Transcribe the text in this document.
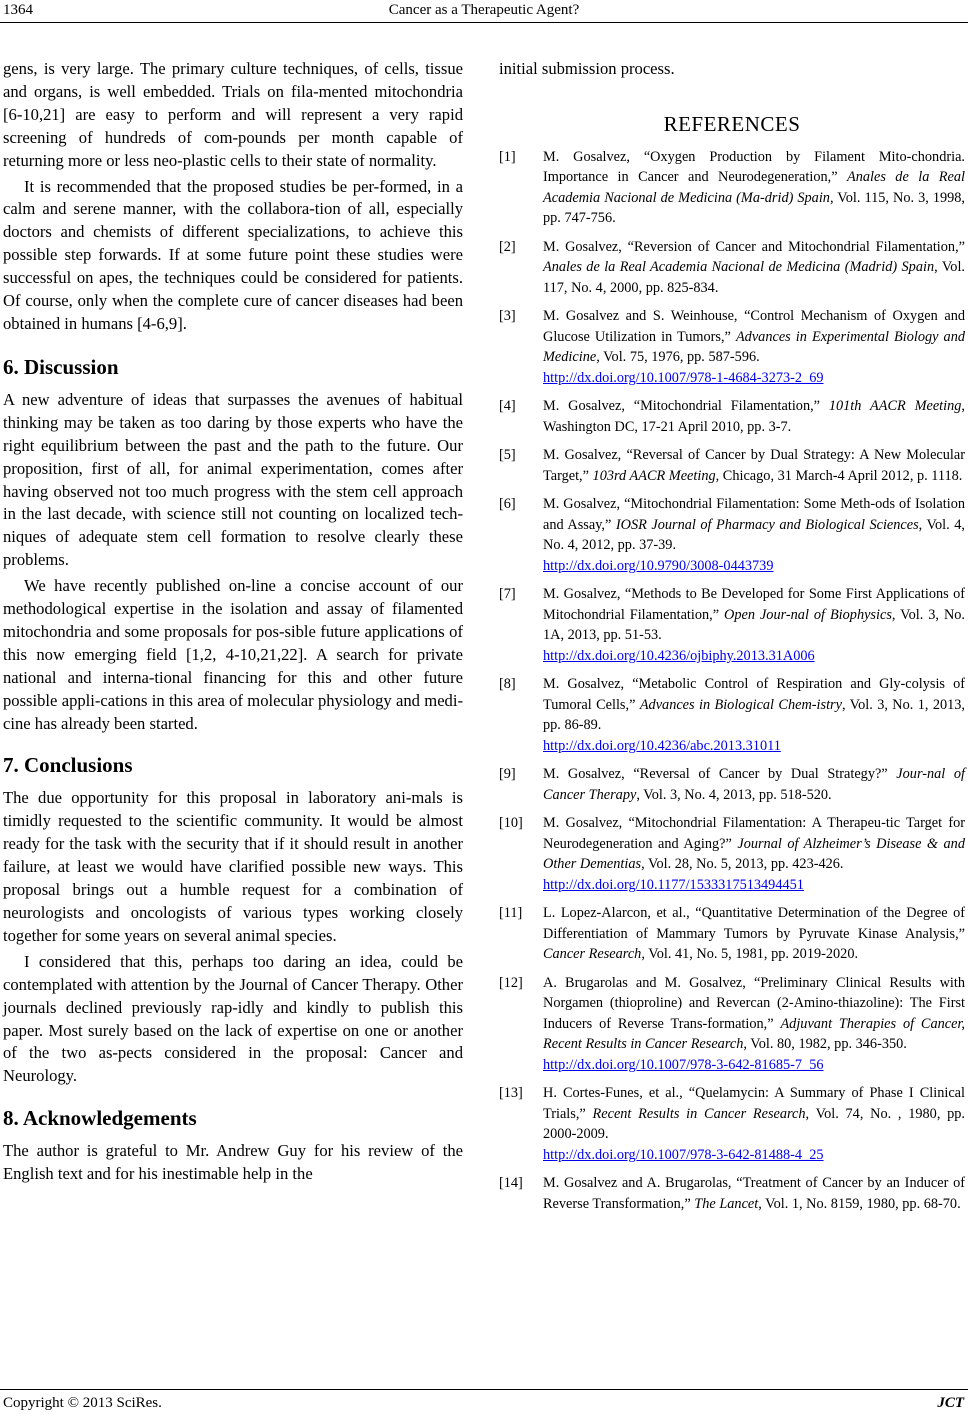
1364	Cancer as a Therapeutic Agent?

gens, is very large. The primary culture techniques, of cells, tissue and organs, is well embedded. Trials on fila-mented mitochondria [6-10,21] are easy to perform and will represent a very rapid screening of hundreds of com-pounds per month capable of returning more or less neo-plastic cells to their state of normality.

It is recommended that the proposed studies be per-formed, in a calm and serene manner, with the collabora-tion of all, especially doctors and chemists of different specializations, to achieve this possible step forwards. If at some future point these studies were successful on apes, the techniques could be considered for patients. Of course, only when the complete cure of cancer diseases had been obtained in humans [4-6,9].

6. Discussion

A new adventure of ideas that surpasses the avenues of habitual thinking may be taken as too daring by those experts who have the right equilibrium between the past and the path to the future. Our proposition, first of all, for animal experimentation, comes after having observed not too much progress with the stem cell approach in the last decade, with science still not counting on localized tech-niques of adequate stem cell formation to resolve clearly these problems.

We have recently published on-line a concise account of our methodological expertise in the isolation and assay of filamented mitochondria and some proposals for pos-sible future applications of this now emerging field [1,2, 4-10,21,22]. A search for private national and interna-tional financing for this and other future possible appli-cations in this area of molecular physiology and medi-cine has already been started.

7. Conclusions

The due opportunity for this proposal in laboratory ani-mals is timidly requested to the scientific community. It would be almost ready for the task with the security that if it should result in another failure, at least we would have clarified possible new ways. This proposal brings out a humble request for a combination of neurologists and oncologists of various types working closely together for some years on several animal species.

I considered that this, perhaps too daring an idea, could be contemplated with attention by the Journal of Cancer Therapy. Other journals declined previously rap-idly and kindly to publish this paper. Most surely based on the lack of expertise on one or another of the two as-pects considered in the proposal: Cancer and Neurology.

8. Acknowledgements

The author is grateful to Mr. Andrew Guy for his review of the English text and for his inestimable help in the

initial submission process.

REFERENCES
[1]	M. Gosalvez, “Oxygen Production by Filament Mito-chondria. Importance in Cancer and Neurodegeneration,” Anales de la Real Academia Nacional de Medicina (Ma-drid) Spain, Vol. 115, No. 3, 1998, pp. 747-756.
[2]	M. Gosalvez, “Reversion of Cancer and Mitochondrial Filamentation,” Anales de la Real Academia Nacional de Medicina (Madrid) Spain, Vol. 117, No. 4, 2000, pp. 825-834.
[3]	M. Gosalvez and S. Weinhouse, “Control Mechanism of Oxygen and Glucose Utilization in Tumors,” Advances in Experimental Biology and Medicine, Vol. 75, 1976, pp. 587-596.
http://dx.doi.org/10.1007/978-1-4684-3273-2_69
[4]	M. Gosalvez, “Mitochondrial Filamentation,” 101th AACR Meeting, Washington DC, 17-21 April 2010, pp. 3-7.
[5]	M. Gosalvez, “Reversal of Cancer by Dual Strategy: A New Molecular Target,” 103rd AACR Meeting, Chicago, 31 March-4 April 2012, p. 1118.
[6]	M. Gosalvez, “Mitochondrial Filamentation: Some Meth-ods of Isolation and Assay,” IOSR Journal of Pharmacy and Biological Sciences, Vol. 4, No. 4, 2012, pp. 37-39.
http://dx.doi.org/10.9790/3008-0443739
[7]	M. Gosalvez, “Methods to Be Developed for Some First Applications of Mitochondrial Filamentation,” Open Jour-nal of Biophysics, Vol. 3, No. 1A, 2013, pp. 51-53.
http://dx.doi.org/10.4236/ojbiphy.2013.31A006
[8]	M. Gosalvez, “Metabolic Control of Respiration and Gly-colysis of Tumoral Cells,” Advances in Biological Chem-istry, Vol. 3, No. 1, 2013, pp. 86-89.
http://dx.doi.org/10.4236/abc.2013.31011
[9]	M. Gosalvez, “Reversal of Cancer by Dual Strategy?” Jour-nal of Cancer Therapy, Vol. 3, No. 4, 2013, pp. 518-520.
[10]	M. Gosalvez, “Mitochondrial Filamentation: A Therapeu-tic Target for Neurodegeneration and Aging?” Journal of Alzheimer’s Disease & and Other Dementias, Vol. 28, No. 5, 2013, pp. 423-426.
http://dx.doi.org/10.1177/1533317513494451
[11]	L. Lopez-Alarcon, et al., “Quantitative Determination of the Degree of Differentiation of Mammary Tumors by Pyruvate Kinase Analysis,” Cancer Research, Vol. 41, No. 5, 1981, pp. 2019-2020.
[12]	A. Brugarolas and M. Gosalvez, “Preliminary Clinical Results with Norgamen (thioproline) and Revercan (2-Amino-thiazoline): The First Inducers of Reverse Trans-formation,” Adjuvant Therapies of Cancer, Recent Results in Cancer Research, Vol. 80, 1982, pp. 346-350.
http://dx.doi.org/10.1007/978-3-642-81685-7_56
[13]	H. Cortes-Funes, et al., “Quelamycin: A Summary of Phase I Clinical Trials,” Recent Results in Cancer Research, Vol. 74, No. , 1980, pp. 2000-2009.
http://dx.doi.org/10.1007/978-3-642-81488-4_25
[14]	M. Gosalvez and A. Brugarolas, “Treatment of Cancer by an Inducer of Reverse Transformation,” The Lancet, Vol. 1, No. 8159, 1980, pp. 68-70.
Copyright © 2013 SciRes.	JCT
